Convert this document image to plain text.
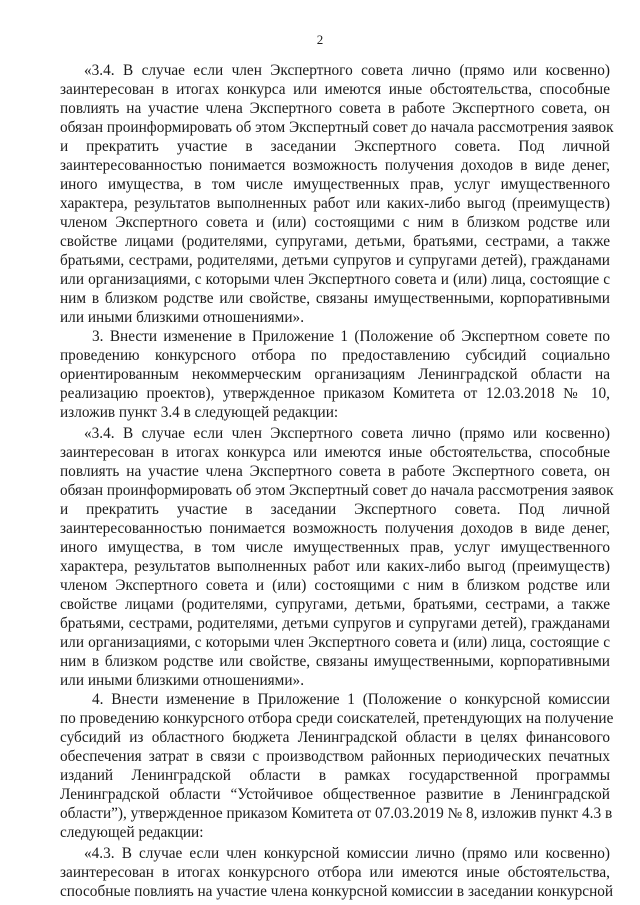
2
«3.4. В случае если член Экспертного совета лично (прямо или косвенно)
заинтересован в итогах конкурса или имеются иные обстоятельства, способные
повлиять на участие члена Экспертного совета в работе Экспертного совета, он
обязан проинформировать об этом Экспертный совет до начала рассмотрения заявок
и прекратить участие в заседании Экспертного совета. Под личной
заинтересованностью понимается возможность получения доходов в виде денег,
иного имущества, в том числе имущественных прав, услуг имущественного
характера, результатов выполненных работ или каких-либо выгод (преимуществ)
членом Экспертного совета и (или) состоящими с ним в близком родстве или
свойстве лицами (родителями, супругами, детьми, братьями, сестрами, а также
братьями, сестрами, родителями, детьми супругов и супругами детей), гражданами
или организациями, с которыми член Экспертного совета и (или) лица, состоящие с
ним в близком родстве или свойстве, связаны имущественными, корпоративными
или иными близкими отношениями».
3. Внести изменение в Приложение 1 (Положение об Экспертном совете по
проведению конкурсного отбора по предоставлению субсидий социально
ориентированным некоммерческим организациям Ленинградской области на
реализацию проектов), утвержденное приказом Комитета от 12.03.2018 № 10,
изложив пункт 3.4 в следующей редакции:
«3.4. В случае если член Экспертного совета лично (прямо или косвенно)
заинтересован в итогах конкурса или имеются иные обстоятельства, способные
повлиять на участие члена Экспертного совета в работе Экспертного совета, он
обязан проинформировать об этом Экспертный совет до начала рассмотрения заявок
и прекратить участие в заседании Экспертного совета. Под личной
заинтересованностью понимается возможность получения доходов в виде денег,
иного имущества, в том числе имущественных прав, услуг имущественного
характера, результатов выполненных работ или каких-либо выгод (преимуществ)
членом Экспертного совета и (или) состоящими с ним в близком родстве или
свойстве лицами (родителями, супругами, детьми, братьями, сестрами, а также
братьями, сестрами, родителями, детьми супругов и супругами детей), гражданами
или организациями, с которыми член Экспертного совета и (или) лица, состоящие с
ним в близком родстве или свойстве, связаны имущественными, корпоративными
или иными близкими отношениями».
4. Внести изменение в Приложение 1 (Положение о конкурсной комиссии
по проведению конкурсного отбора среди соискателей, претендующих на получение
субсидий из областного бюджета Ленинградской области в целях финансового
обеспечения затрат в связи с производством районных периодических печатных
изданий Ленинградской области в рамках государственной программы
Ленинградской области “Устойчивое общественное развитие в Ленинградской
области”), утвержденное приказом Комитета от 07.03.2019 № 8, изложив пункт 4.3 в
следующей редакции:
«4.3. В случае если член конкурсной комиссии лично (прямо или косвенно)
заинтересован в итогах конкурсного отбора или имеются иные обстоятельства,
способные повлиять на участие члена конкурсной комиссии в заседании конкурсной
